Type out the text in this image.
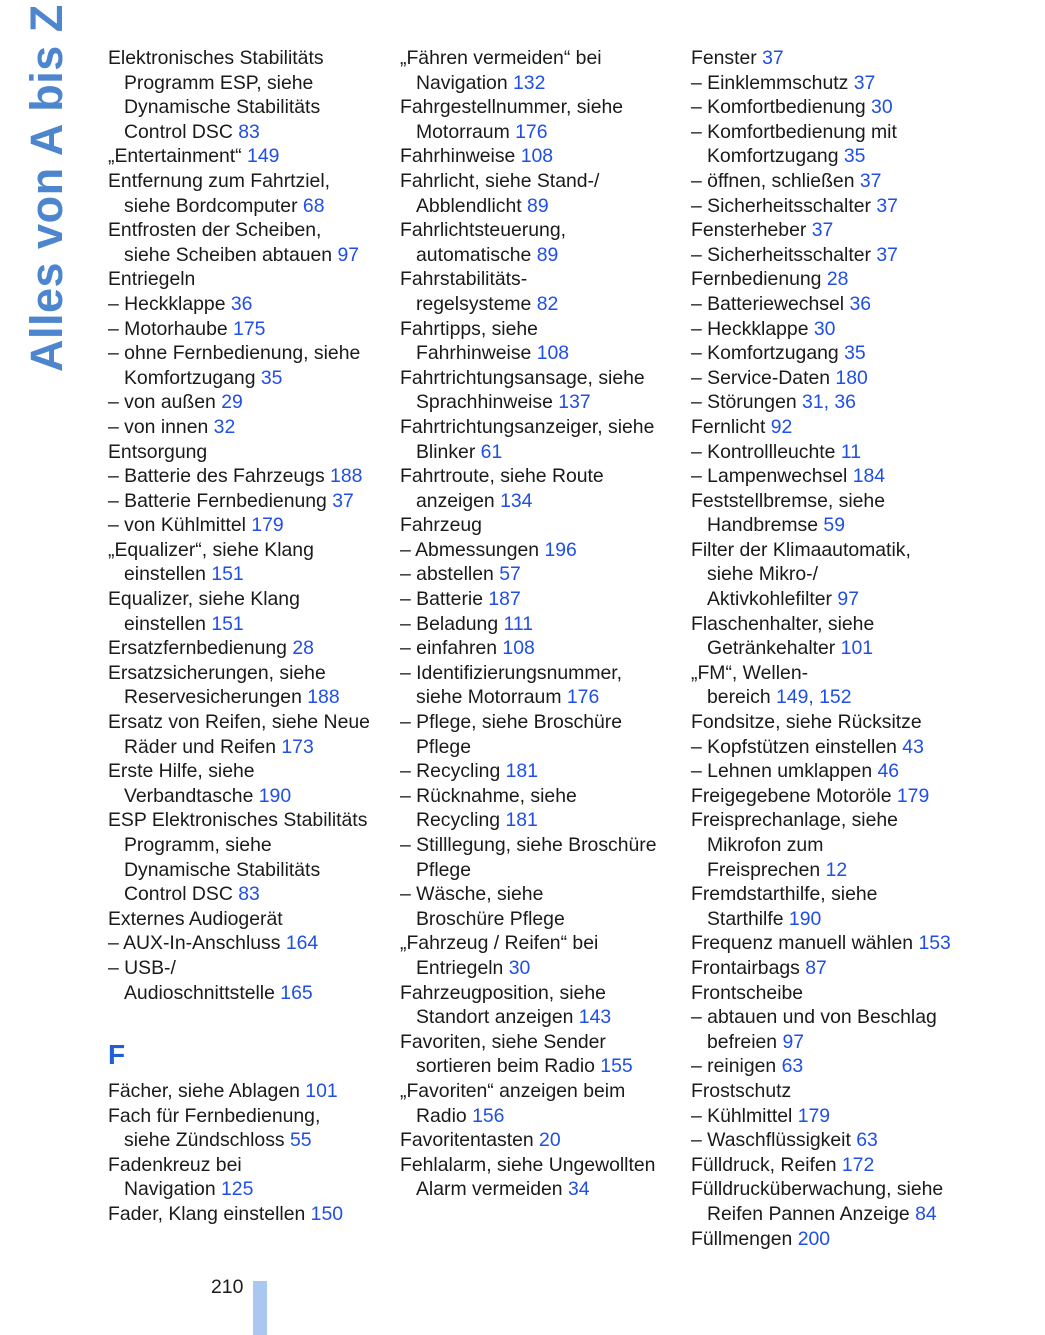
Alles von A bis Z Elektronisches Stabilitäts
Programm ESP, siehe
Dynamische Stabilitäts
Control DSC 83
„Entertainment“ 149
Entfernung zum Fahrtziel,
siehe Bordcomputer 68
Entfrosten der Scheiben,
siehe Scheiben abtauen 97
Entriegeln
– Heckklappe 36
– Motorhaube 175
– ohne Fernbedienung, siehe
Komfortzugang 35
– von außen 29
– von innen 32
Entsorgung
– Batterie des Fahrzeugs 188
– Batterie Fernbedienung 37
– von Kühlmittel 179
„Equalizer“, siehe Klang
einstellen 151
Equalizer, siehe Klang
einstellen 151
Ersatzfernbedienung 28
Ersatzsicherungen, siehe
Reservesicherungen 188
Ersatz von Reifen, siehe Neue
Räder und Reifen 173
Erste Hilfe, siehe
Verbandtasche 190
ESP Elektronisches Stabilitäts
Programm, siehe
Dynamische Stabilitäts
Control DSC 83
Externes Audiogerät
– AUX-In-Anschluss 164
– USB-/
Audioschnittstelle 165
F
Fächer, siehe Ablagen 101
Fach für Fernbedienung,
siehe Zündschloss 55
Fadenkreuz bei
Navigation 125
Fader, Klang einstellen 150
„Fähren vermeiden“ bei
Navigation 132
Fahrgestellnummer, siehe
Motorraum 176
Fahrhinweise 108
Fahrlicht, siehe Stand-/
Abblendlicht 89
Fahrlichtsteuerung,
automatische 89
Fahrstabilitäts-
regelsysteme 82
Fahrtipps, siehe
Fahrhinweise 108
Fahrtrichtungsansage, siehe
Sprachhinweise 137
Fahrtrichtungsanzeiger, siehe
Blinker 61
Fahrtroute, siehe Route
anzeigen 134
Fahrzeug
– Abmessungen 196
– abstellen 57
– Batterie 187
– Beladung 111
– einfahren 108
– Identifizierungsnummer,
siehe Motorraum 176
– Pflege, siehe Broschüre
Pflege
– Recycling 181
– Rücknahme, siehe
Recycling 181
– Stilllegung, siehe Broschüre
Pflege
– Wäsche, siehe
Broschüre Pflege
„Fahrzeug / Reifen“ bei
Entriegeln 30
Fahrzeugposition, siehe
Standort anzeigen 143
Favoriten, siehe Sender
sortieren beim Radio 155
„Favoriten“ anzeigen beim
Radio 156
Favoritentasten 20
Fehlalarm, siehe Ungewollten
Alarm vermeiden 34
Fenster 37
– Einklemmschutz 37
– Komfortbedienung 30
– Komfortbedienung mit
Komfortzugang 35
– öffnen, schließen 37
– Sicherheitsschalter 37
Fensterheber 37
– Sicherheitsschalter 37
Fernbedienung 28
– Batteriewechsel 36
– Heckklappe 30
– Komfortzugang 35
– Service-Daten 180
– Störungen 31, 36
Fernlicht 92
– Kontrollleuchte 11
– Lampenwechsel 184
Feststellbremse, siehe
Handbremse 59
Filter der Klimaautomatik,
siehe Mikro-/
Aktivkohlefilter 97
Flaschenhalter, siehe
Getränkehalter 101
„FM“, Wellen-
bereich 149, 152
Fondsitze, siehe Rücksitze
– Kopfstützen einstellen 43
– Lehnen umklappen 46
Freigegebene Motoröle 179
Freisprechanlage, siehe
Mikrofon zum
Freisprechen 12
Fremdstarthilfe, siehe
Starthilfe 190
Frequenz manuell wählen 153
Frontairbags 87
Frontscheibe
– abtauen und von Beschlag
befreien 97
– reinigen 63
Frostschutz
– Kühlmittel 179
– Waschflüssigkeit 63
Fülldruck, Reifen 172
Fülldrucküberwachung, siehe
Reifen Pannen Anzeige 84
Füllmengen 200
210
